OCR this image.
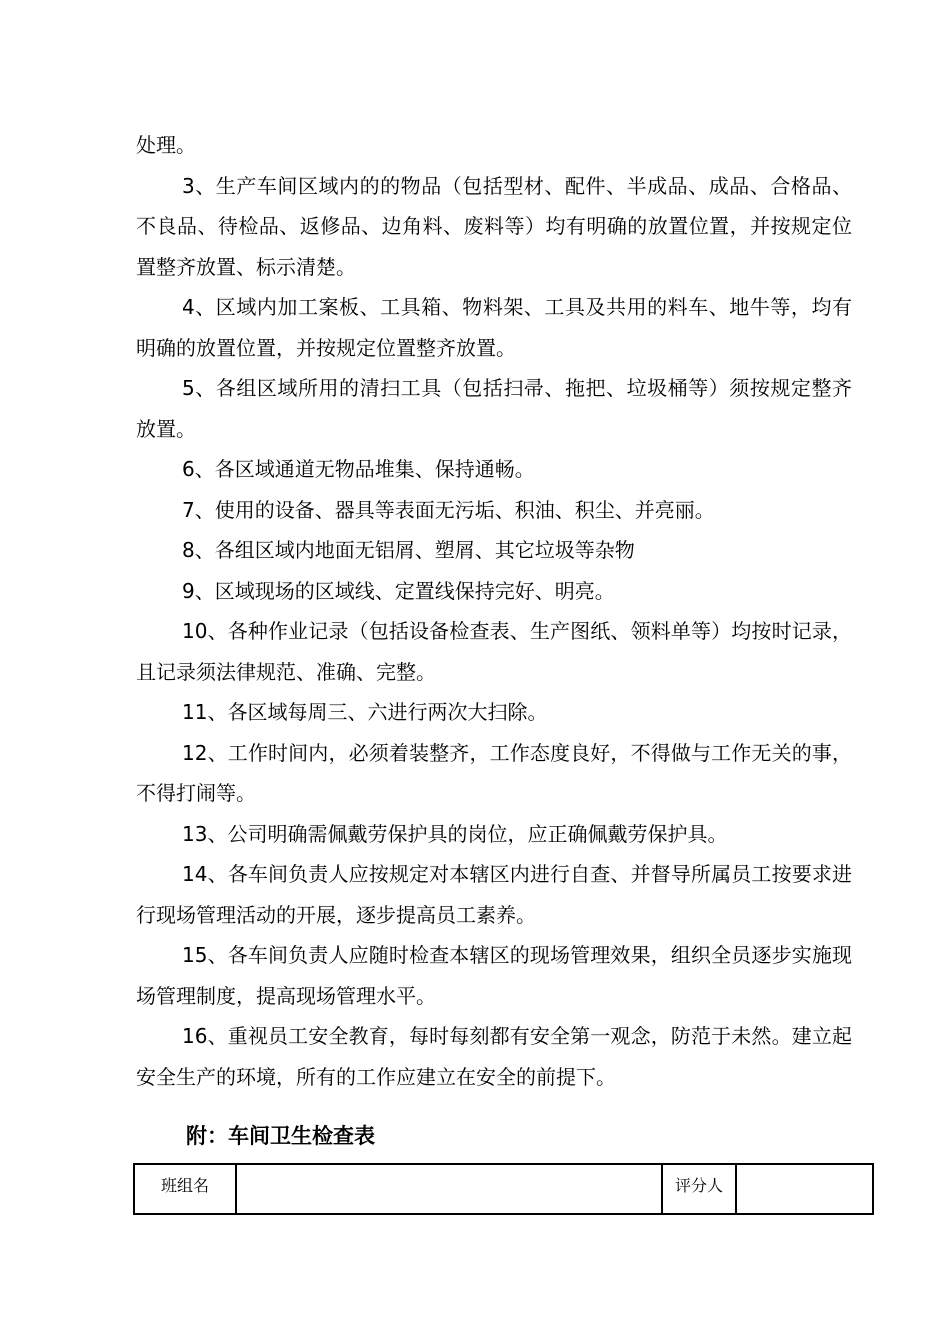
处理。

3、生产车间区域内的的物品（包括型材、配件、半成品、成品、合格品、不良品、待检品、返修品、边角料、废料等）均有明确的放置位置，并按规定位置整齐放置、标示清楚。

4、区域内加工案板、工具箱、物料架、工具及共用的料车、地牛等，均有明确的放置位置，并按规定位置整齐放置。

5、各组区域所用的清扫工具（包括扫帚、拖把、垃圾桶等）须按规定整齐放置。

6、各区域通道无物品堆集、保持通畅。

7、使用的设备、器具等表面无污垢、积油、积尘、并亮丽。

8、各组区域内地面无铝屑、塑屑、其它垃圾等杂物

9、区域现场的区域线、定置线保持完好、明亮。

10、各种作业记录（包括设备检查表、生产图纸、领料单等）均按时记录，且记录须法律规范、准确、完整。

11、各区域每周三、六进行两次大扫除。

12、工作时间内，必须着装整齐，工作态度良好，不得做与工作无关的事，不得打闹等。

13、公司明确需佩戴劳保护具的岗位，应正确佩戴劳保护具。

14、各车间负责人应按规定对本辖区内进行自查、并督导所属员工按要求进行现场管理活动的开展，逐步提高员工素养。

15、各车间负责人应随时检查本辖区的现场管理效果，组织全员逐步实施现场管理制度，提高现场管理水平。

16、重视员工安全教育，每时每刻都有安全第一观念，防范于未然。建立起安全生产的环境，所有的工作应建立在安全的前提下。

附：车间卫生检查表
班组名		评分人	
